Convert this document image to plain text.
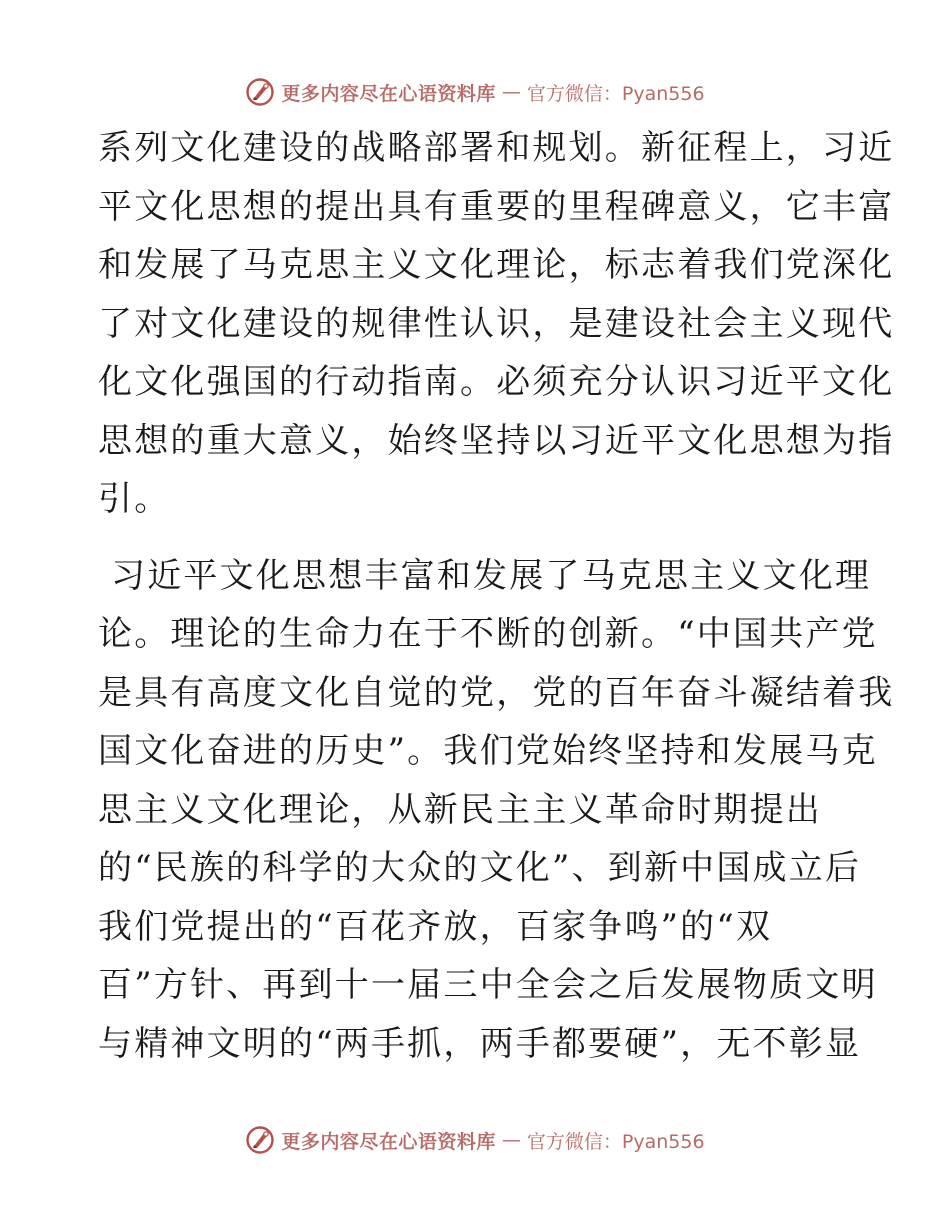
更多内容尽在心语资料库 — 官方微信：Pyan556
系列文化建设的战略部署和规划。新征程上，习近
平文化思想的提出具有重要的里程碑意义，它丰富
和发展了马克思主义文化理论，标志着我们党深化
了对文化建设的规律性认识，是建设社会主义现代
化文化强国的行动指南。必须充分认识习近平文化
思想的重大意义，始终坚持以习近平文化思想为指
引。
习近平文化思想丰富和发展了马克思主义文化理
论。理论的生命力在于不断的创新。“中国共产党
是具有高度文化自觉的党，党的百年奋斗凝结着我
国文化奋进的历史”。我们党始终坚持和发展马克
思主义文化理论，从新民主主义革命时期提出
的“民族的科学的大众的文化”、到新中国成立后
我们党提出的“百花齐放，百家争鸣”的“双
百”方针、再到十一届三中全会之后发展物质文明
与精神文明的“两手抓，两手都要硬”，无不彰显
更多内容尽在心语资料库 — 官方微信：Pyan556
